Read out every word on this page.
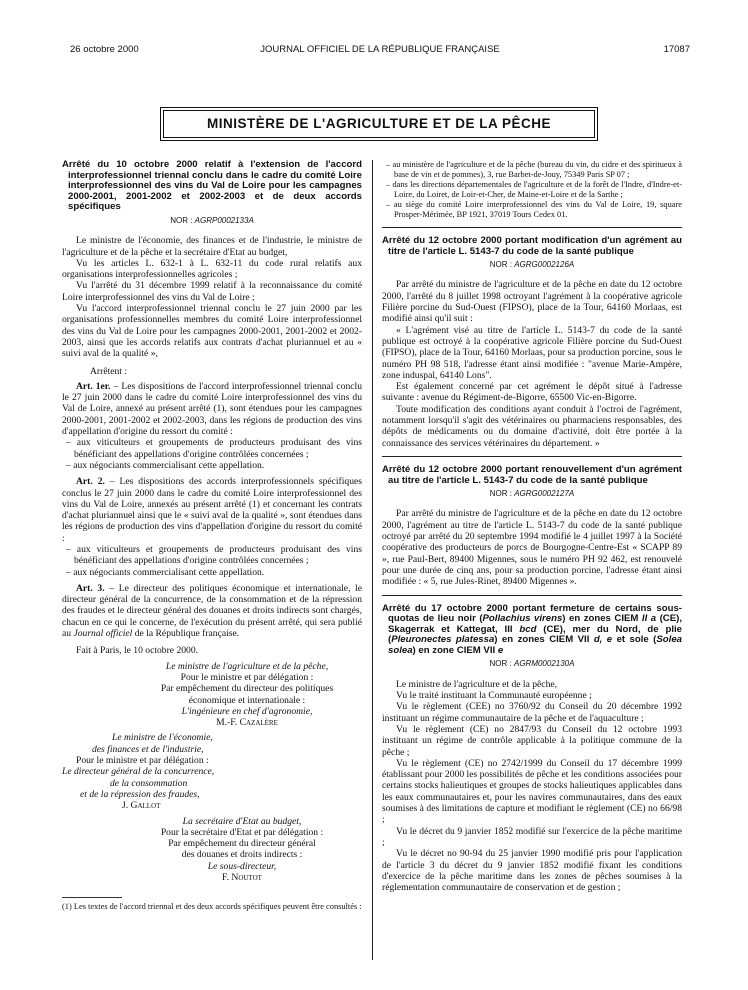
26 octobre 2000	JOURNAL OFFICIEL DE LA RÉPUBLIQUE FRANÇAISE	17087
MINISTÈRE DE L'AGRICULTURE ET DE LA PÊCHE

Arrêté du 10 octobre 2000 relatif à l'extension de l'accord interprofessionnel triennal conclu dans le cadre du comité Loire interprofessionnel des vins du Val de Loire pour les campagnes 2000-2001, 2001-2002 et 2002-2003 et de deux accords spécifiques

NOR : AGRP0002133A

Le ministre de l'économie, des finances et de l'industrie, le ministre de l'agriculture et de la pêche et la secrétaire d'Etat au budget,

Vu les articles L. 632-1 à L. 632-11 du code rural relatifs aux organisations interprofessionnelles agricoles ;

Vu l'arrêté du 31 décembre 1999 relatif à la reconnaissance du comité Loire interprofessionnel des vins du Val de Loire ;

Vu l'accord interprofessionnel triennal conclu le 27 juin 2000 par les organisations professionnelles membres du comité Loire interprofessionnel des vins du Val de Loire pour les campagnes 2000-2001, 2001-2002 et 2002-2003, ainsi que les accords relatifs aux contrats d'achat pluriannuel et au « suivi aval de la qualité »,

Arrêtent :

Art. 1er. – Les dispositions de l'accord interprofessionnel triennal conclu le 27 juin 2000 dans le cadre du comité Loire interprofessionnel des vins du Val de Loire, annexé au présent arrêté (1), sont étendues pour les campagnes 2000-2001, 2001-2002 et 2002-2003, dans les régions de production des vins d'appellation d'origine du ressort du comité :

– aux viticulteurs et groupements de producteurs produisant des vins bénéficiant des appellations d'origine contrôlées concernées ;

– aux négociants commercialisant cette appellation.

Art. 2. – Les dispositions des accords interprofessionnels spécifiques conclus le 27 juin 2000 dans le cadre du comité Loire interprofessionnel des vins du Val de Loire, annexés au présent arrêté (1) et concernant les contrats d'achat pluriannuel ainsi que le « suivi aval de la qualité », sont étendues dans les régions de production des vins d'appellation d'origine du ressort du comité :

– aux viticulteurs et groupements de producteurs produisant des vins bénéficiant des appellations d'origine contrôlées concernées ;

– aux négociants commercialisant cette appellation.

Art. 3. – Le directeur des politiques économique et internationale, le directeur général de la concurrence, de la consommation et de la répression des fraudes et le directeur général des douanes et droits indirects sont chargés, chacun en ce qui le concerne, de l'exécution du présent arrêté, qui sera publié au Journal officiel de la République française.

Fait à Paris, le 10 octobre 2000.

Le ministre de l'agriculture et de la pêche,

Pour le ministre et par délégation :

Par empêchement du directeur des politiques

économique et internationale :

L'ingénieure en chef d'agronomie,

M.-F. Cazalère

Le ministre de l'économie,

des finances et de l'industrie,

Pour le ministre et par délégation :

Le directeur général de la concurrence,

de la consommation

et de la répression des fraudes,

J. Gallot

La secrétaire d'Etat au budget,

Pour la secrétaire d'Etat et par délégation :

Par empêchement du directeur général

des douanes et droits indirects :

Le sous-directeur,

F. Noutot

(1) Les textes de l'accord triennal et des deux accords spécifiques peuvent être consultés :

– au ministère de l'agriculture et de la pêche (bureau du vin, du cidre et des spiritueux à base de vin et de pommes), 3, rue Barbet-de-Jouy, 75349 Paris SP 07 ;

– dans les directions départementales de l'agriculture et de la forêt de l'Indre, d'Indre-et-Loire, du Loiret, de Loir-et-Cher, de Maine-et-Loire et de la Sarthe ;

– au siège du comité Loire interprofessionnel des vins du Val de Loire, 19, square Prosper-Mérimée, BP 1921, 37019 Tours Cedex 01.

Arrêté du 12 octobre 2000 portant modification d'un agrément au titre de l'article L. 5143-7 du code de la santé publique

NOR : AGRG0002126A

Par arrêté du ministre de l'agriculture et de la pêche en date du 12 octobre 2000, l'arrêté du 8 juillet 1998 octroyant l'agrément à la coopérative agricole Filière porcine du Sud-Ouest (FIPSO), place de la Tour, 64160 Morlaas, est modifié ainsi qu'il suit :

« L'agrément visé au titre de l'article L. 5143-7 du code de la santé publique est octroyé à la coopérative agricole Filière porcine du Sud-Ouest (FIPSO), place de la Tour, 64160 Morlaas, pour sa production porcine, sous le numéro PH 98 518, l'adresse étant ainsi modifiée : "avenue Marie-Ampère, zone induspal, 64140 Lons".

Est également concerné par cet agrément le dépôt situé à l'adresse suivante : avenue du Régiment-de-Bigorre, 65500 Vic-en-Bigorre.

Toute modification des conditions ayant conduit à l'octroi de l'agrément, notamment lorsqu'il s'agit des vétérinaires ou pharmaciens responsables, des dépôts de médicaments ou du domaine d'activité, doit être portée à la connaissance des services vétérinaires du département. »

Arrêté du 12 octobre 2000 portant renouvellement d'un agrément au titre de l'article L. 5143-7 du code de la santé publique

NOR : AGRG0002127A

Par arrêté du ministre de l'agriculture et de la pêche en date du 12 octobre 2000, l'agrément au titre de l'article L. 5143-7 du code de la santé publique octroyé par arrêté du 20 septembre 1994 modifié le 4 juillet 1997 à la Société coopérative des producteurs de porcs de Bourgogne-Centre-Est « SCAPP 89 », rue Paul-Bert, 89400 Migennes, sous le numéro PH 92 462, est renouvelé pour une durée de cinq ans, pour sa production porcine, l'adresse étant ainsi modifiée : « 5, rue Jules-Rinet, 89400 Migennes ».

Arrêté du 17 octobre 2000 portant fermeture de certains sous-quotas de lieu noir (Pollachius virens) en zones CIEM II a (CE), Skagerrak et Kattegat, III bcd (CE), mer du Nord, de plie (Pleuronectes platessa) en zones CIEM VII d, e et sole (Solea solea) en zone CIEM VII e

NOR : AGRM0002130A

Le ministre de l'agriculture et de la pêche,

Vu le traité instituant la Communauté européenne ;

Vu le règlement (CEE) no 3760/92 du Conseil du 20 décembre 1992 instituant un régime communautaire de la pêche et de l'aquaculture ;

Vu le règlement (CE) no 2847/93 du Conseil du 12 octobre 1993 instituant un régime de contrôle applicable à la politique commune de la pêche ;

Vu le règlement (CE) no 2742/1999 du Conseil du 17 décembre 1999 établissant pour 2000 les possibilités de pêche et les conditions associées pour certains stocks halieutiques et groupes de stocks halieutiques applicables dans les eaux communautaires et, pour les navires communautaires, dans des eaux soumises à des limitations de capture et modifiant le règlement (CE) no 66/98 ;

Vu le décret du 9 janvier 1852 modifié sur l'exercice de la pêche maritime ;

Vu le décret no 90-94 du 25 janvier 1990 modifié pris pour l'application de l'article 3 du décret du 9 janvier 1852 modifié fixant les conditions d'exercice de la pêche maritime dans les zones de pêches soumises à la réglementation communautaire de conservation et de gestion ;
